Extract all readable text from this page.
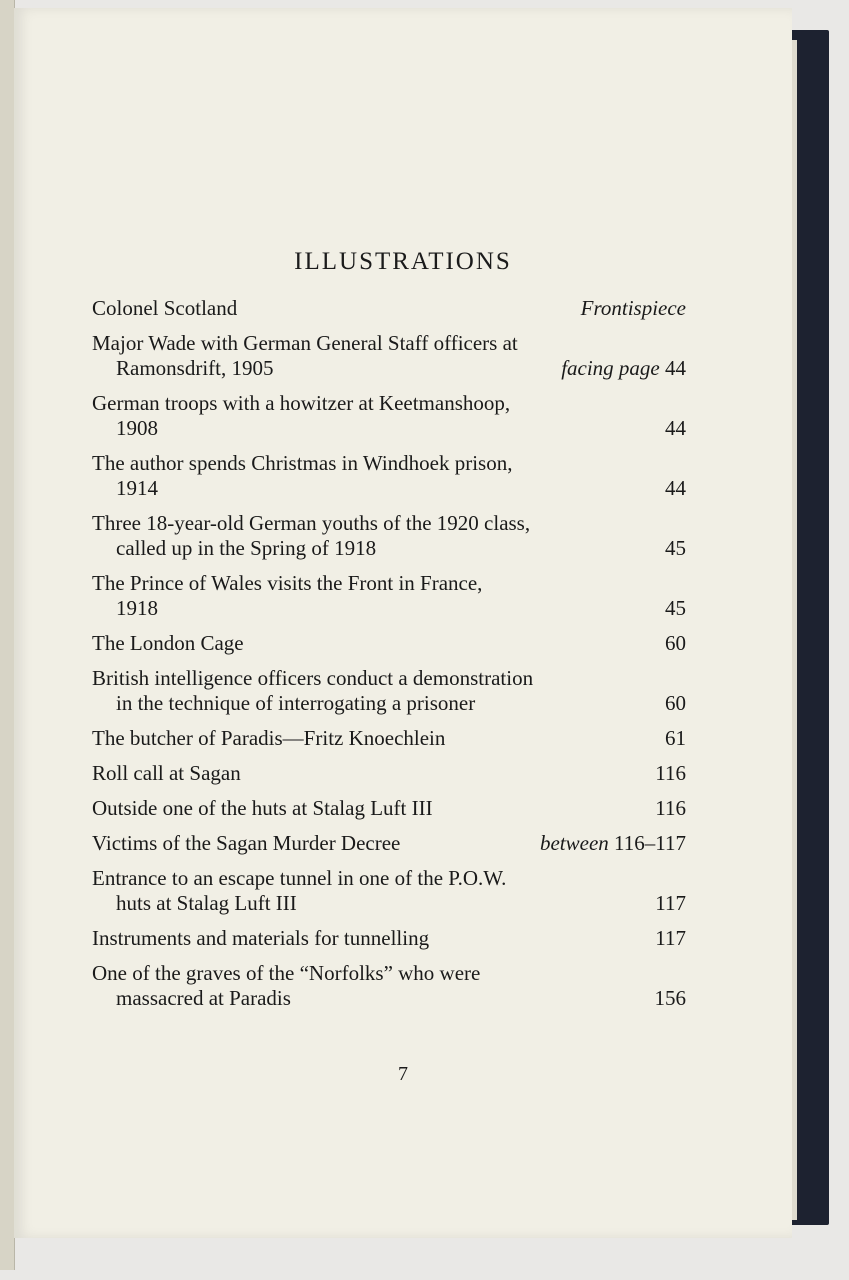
ILLUSTRATIONS
Colonel Scotland	Frontispiece
Major Wade with German General Staff officers at
Ramonsdrift, 1905	facing page 44
German troops with a howitzer at Keetmanshoop,
1908	44
The author spends Christmas in Windhoek prison,
1914	44
Three 18-year-old German youths of the 1920 class,
called up in the Spring of 1918	45
The Prince of Wales visits the Front in France,
1918	45
The London Cage	60
British intelligence officers conduct a demonstration
in the technique of interrogating a prisoner	60
The butcher of Paradis—Fritz Knoechlein	61
Roll call at Sagan	116
Outside one of the huts at Stalag Luft III	116
Victims of the Sagan Murder Decree	between 116–117
Entrance to an escape tunnel in one of the P.O.W.
huts at Stalag Luft III	117
Instruments and materials for tunnelling	117
One of the graves of the “Norfolks” who were
massacred at Paradis	156
7
